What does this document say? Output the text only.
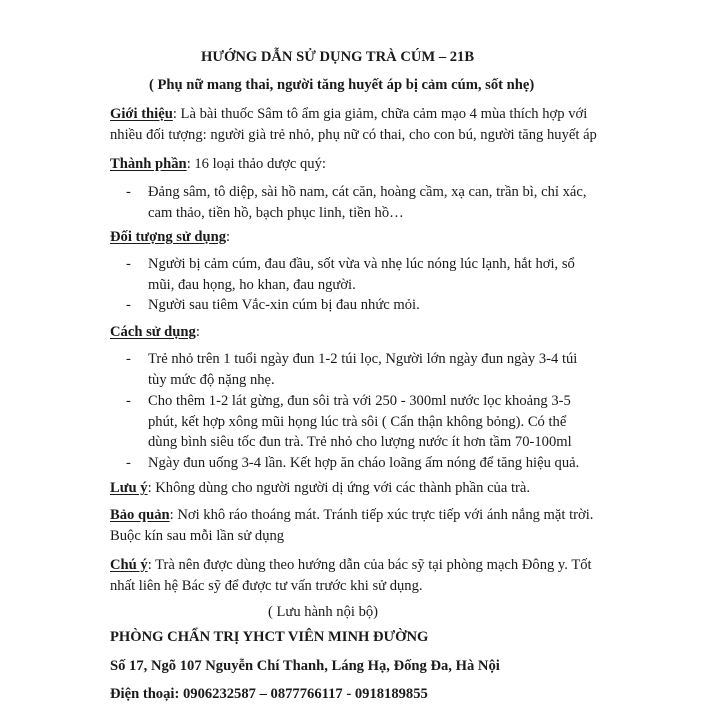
HƯỚNG DẪN SỬ DỤNG TRÀ CÚM – 21B
( Phụ nữ mang thai, người tăng huyết áp bị cảm cúm, sốt nhẹ)
Giới thiệu: Là bài thuốc Sâm tô ẩm gia giảm, chữa cảm mạo 4 mùa thích hợp với
nhiều đối tượng: người già trẻ nhỏ, phụ nữ có thai, cho con bú, người tăng huyết áp
Thành phần: 16 loại thảo dược quý:
- Đảng sâm, tô diệp, sài hồ nam, cát căn, hoàng cầm, xạ can, trần bì, chỉ xác,
cam thảo, tiền hồ, bạch phục linh, tiền hồ…
Đối tượng sử dụng:
- Người bị cảm cúm, đau đầu, sốt vừa và nhẹ lúc nóng lúc lạnh, hắt hơi, sổ
mũi, đau họng, ho khan, đau người.
- Người sau tiêm Vắc-xin cúm bị đau nhức mỏi.
Cách sử dụng:
- Trẻ nhỏ trên 1 tuổi ngày đun 1-2 túi lọc, Người lớn ngày đun ngày 3-4 túi
tùy mức độ nặng nhẹ.
- Cho thêm 1-2 lát gừng, đun sôi trà với 250 - 300ml nước lọc khoảng 3-5
phút, kết hợp xông mũi họng lúc trà sôi ( Cẩn thận không bỏng). Có thể
dùng bình siêu tốc đun trà. Trẻ nhỏ cho lượng nước ít hơn tầm 70-100ml
- Ngày đun uống 3-4 lần. Kết hợp ăn cháo loãng ấm nóng để tăng hiệu quả.
Lưu ý: Không dùng cho người người dị ứng với các thành phần của trà.
Bảo quản: Nơi khô ráo thoáng mát. Tránh tiếp xúc trực tiếp với ánh nắng mặt trời.
Buộc kín sau mỗi lần sử dụng
Chú ý: Trà nên được dùng theo hướng dẫn của bác sỹ tại phòng mạch Đông y. Tốt
nhất liên hệ Bác sỹ để được tư vấn trước khi sử dụng.
( Lưu hành nội bộ)
PHÒNG CHẨN TRỊ YHCT VIÊN MINH ĐƯỜNG
Số 17, Ngõ 107 Nguyễn Chí Thanh, Láng Hạ, Đống Đa, Hà Nội
Điện thoại: 0906232587 – 0877766117 - 0918189855
